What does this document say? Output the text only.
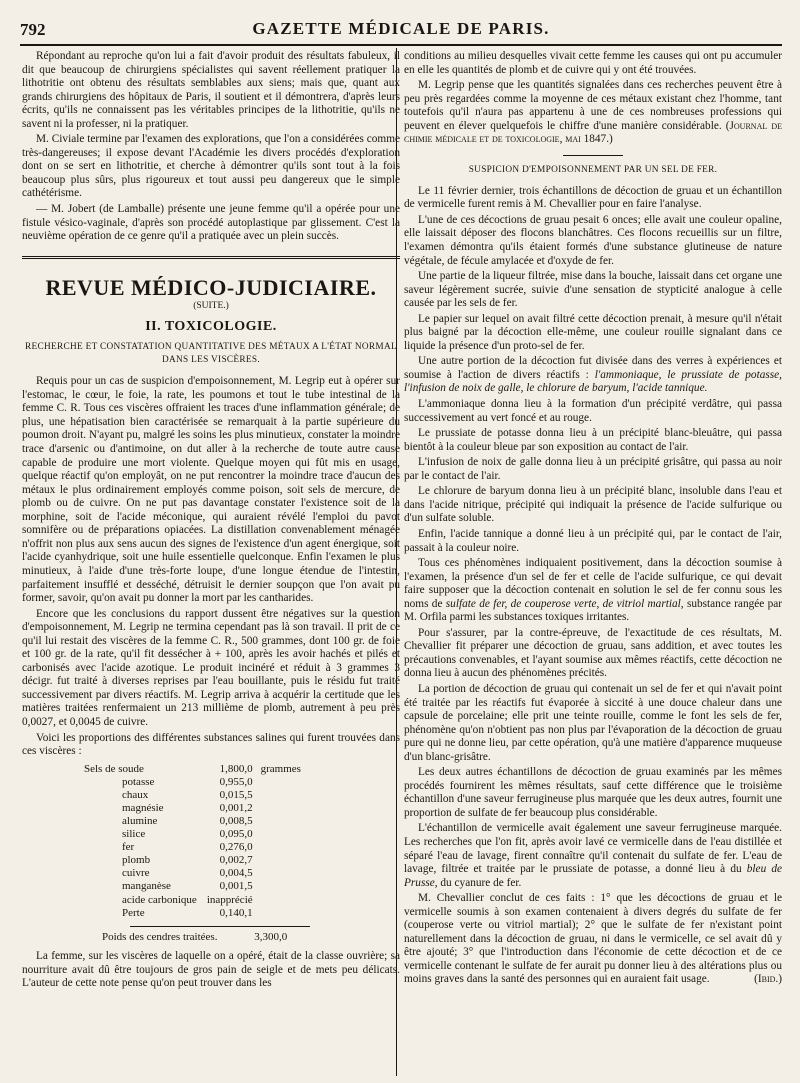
792	GAZETTE MÉDICALE DE PARIS.

Répondant au reproche qu'on lui a fait d'avoir produit des résultats fabuleux, il dit que beaucoup de chirurgiens spécialistes qui savent réellement pratiquer la lithotritie ont obtenu des résultats semblables aux siens; mais que, quant aux grands chirurgiens des hôpitaux de Paris, il soutient et il démontrera, d'après leurs écrits, qu'ils ne connaissent pas les véritables principes de la lithotritie, qu'ils ne savent ni la professer, ni la pratiquer.

M. Civiale termine par l'examen des explorations, que l'on a considérées comme très-dangereuses; il expose devant l'Académie les divers procédés d'exploration dont on se sert en lithotritie, et cherche à démontrer qu'ils sont tout à la fois beaucoup plus sûrs, plus rigoureux et tout aussi peu dangereux que le simple cathétérisme.

— M. Jobert (de Lamballe) présente une jeune femme qu'il a opérée pour une fistule vésico-vaginale, d'après son procédé autoplastique par glissement. C'est la neuvième opération de ce genre qu'il a pratiquée avec un plein succès.

REVUE MÉDICO-JUDICIAIRE.
(SUITE.)
II. TOXICOLOGIE.
RECHERCHE ET CONSTATATION QUANTITATIVE DES MÉTAUX A L'ÉTAT NORMAL DANS LES VISCÈRES.

Requis pour un cas de suspicion d'empoisonnement, M. Legrip eut à opérer sur l'estomac, le cœur, le foie, la rate, les poumons et tout le tube intestinal de la femme C. R. Tous ces viscères offraient les traces d'une inflammation générale; de plus, une hépatisation bien caractérisée se remarquait à la partie supérieure du poumon droit. N'ayant pu, malgré les soins les plus minutieux, constater la moindre trace d'arsenic ou d'antimoine, on dut aller à la recherche de toute autre cause capable de produire une mort violente. Quelque moyen qui fût mis en usage, quelque réactif qu'on employât, on ne put rencontrer la moindre trace d'aucun des métaux le plus ordinairement employés comme poison, soit sels de mercure, de plomb ou de cuivre. On ne put pas davantage constater l'existence soit de la morphine, soit de l'acide méconique, qui auraient révélé l'emploi du pavot somnifère ou de préparations opiacées. La distillation convenablement ménagée n'offrit non plus aux sens aucun des signes de l'existence d'un agent énergique, soit l'acide cyanhydrique, soit une huile essentielle quelconque. Enfin l'examen le plus minutieux, à l'aide d'une très-forte loupe, d'une longue étendue de l'intestin, parfaitement insufflé et desséché, détruisit le dernier soupçon que l'on avait pu former, savoir, qu'on avait pu donner la mort par les cantharides.

Encore que les conclusions du rapport dussent être négatives sur la question d'empoisonnement, M. Legrip ne termina cependant pas là son travail. Il prit de ce qu'il lui restait des viscères de la femme C. R., 500 grammes, dont 100 gr. de foie et 100 gr. de la rate, qu'il fit dessécher à + 100, après les avoir hachés et pilés et carbonisés avec l'acide azotique. Le produit incinéré et réduit à 3 grammes 3 décigr. fut traité à diverses reprises par l'eau bouillante, puis le résidu fut traité successivement par divers réactifs. M. Legrip arriva à acquérir la certitude que les matières traitées renfermaient un 213 millième de plomb, autrement à peu près 0,0027, et 0,0045 de cuivre.

Voici les proportions des différentes substances salines qui furent trouvées dans ces viscères :

Sels de soude	1,800,0	grammes
potasse	0,955,0	
chaux	0,015,5	
magnésie	0,001,2	
alumine	0,008,5	
silice	0,095,0	
fer	0,276,0	
plomb	0,002,7	
cuivre	0,004,5	
manganèse	0,001,5	
acide carbonique	inapprécié	
Perte	0,140,1	
Poids des cendres traitées.	3,300,0

La femme, sur les viscères de laquelle on a opéré, était de la classe ouvrière; sa nourriture avait dû être toujours de gros pain de seigle et de mets peu délicats. L'auteur de cette note pense qu'on peut trouver dans les

conditions au milieu desquelles vivait cette femme les causes qui ont pu accumuler en elle les quantités de plomb et de cuivre qui y ont été trouvées.

M. Legrip pense que les quantités signalées dans ces recherches peuvent être à peu près regardées comme la moyenne de ces métaux existant chez l'homme, tant toutefois qu'il n'aura pas appartenu à une de ces nombreuses professions qui peuvent en élever quelquefois le chiffre d'une manière considérable. (Journal de chimie médicale et de toxicologie, mai 1847.)

SUSPICION D'EMPOISONNEMENT PAR UN SEL DE FER.

Le 11 février dernier, trois échantillons de décoction de gruau et un échantillon de vermicelle furent remis à M. Chevallier pour en faire l'analyse.

L'une de ces décoctions de gruau pesait 6 onces; elle avait une couleur opaline, elle laissait déposer des flocons blanchâtres. Ces flocons recueillis sur un filtre, l'examen démontra qu'ils étaient formés d'une substance glutineuse de nature végétale, de fécule amylacée et d'oxyde de fer.

Une partie de la liqueur filtrée, mise dans la bouche, laissait dans cet organe une saveur légèrement sucrée, suivie d'une sensation de stypticité analogue à celle causée par les sels de fer.

Le papier sur lequel on avait filtré cette décoction prenait, à mesure qu'il n'était plus baigné par la décoction elle-même, une couleur rouille signalant dans ce liquide la présence d'un proto-sel de fer.

Une autre portion de la décoction fut divisée dans des verres à expériences et soumise à l'action de divers réactifs : l'ammoniaque, le prussiate de potasse, l'infusion de noix de galle, le chlorure de baryum, l'acide tannique.

L'ammoniaque donna lieu à la formation d'un précipité verdâtre, qui passa successivement au vert foncé et au rouge.

Le prussiate de potasse donna lieu à un précipité blanc-bleuâtre, qui passa bientôt à la couleur bleue par son exposition au contact de l'air.

L'infusion de noix de galle donna lieu à un précipité grisâtre, qui passa au noir par le contact de l'air.

Le chlorure de baryum donna lieu à un précipité blanc, insoluble dans l'eau et dans l'acide nitrique, précipité qui indiquait la présence de l'acide sulfurique ou d'un sulfate soluble.

Enfin, l'acide tannique a donné lieu à un précipité qui, par le contact de l'air, passait à la couleur noire.

Tous ces phénomènes indiquaient positivement, dans la décoction soumise à l'examen, la présence d'un sel de fer et celle de l'acide sulfurique, ce qui devait faire supposer que la décoction contenait en solution le sel de fer connu sous les noms de sulfate de fer, de couperose verte, de vitriol martial, substance rangée par M. Orfila parmi les substances toxiques irritantes.

Pour s'assurer, par la contre-épreuve, de l'exactitude de ces résultats, M. Chevallier fit préparer une décoction de gruau, sans addition, et avec toutes les précautions convenables, et l'ayant soumise aux mêmes réactifs, cette décoction ne donna lieu à aucun des phénomènes précités.

La portion de décoction de gruau qui contenait un sel de fer et qui n'avait point été traitée par les réactifs fut évaporée à siccité à une douce chaleur dans une capsule de porcelaine; elle prit une teinte rouille, comme le font les sels de fer, phénomène qu'on n'obtient pas non plus par l'évaporation de la décoction de gruau pure qui ne donne lieu, par cette opération, qu'à une matière d'apparence muqueuse d'un blanc-grisâtre.

Les deux autres échantillons de décoction de gruau examinés par les mêmes procédés fournirent les mêmes résultats, sauf cette différence que le troisième échantillon d'une saveur ferrugineuse plus marquée que les deux autres, fournit une proportion de sulfate de fer beaucoup plus considérable.

L'échantillon de vermicelle avait également une saveur ferrugineuse marquée. Les recherches que l'on fit, après avoir lavé ce vermicelle dans de l'eau distillée et séparé l'eau de lavage, firent connaître qu'il contenait du sulfate de fer. L'eau de lavage, filtrée et traitée par le prussiate de potasse, a donné lieu à du bleu de Prusse, du cyanure de fer.

M. Chevallier conclut de ces faits : 1° que les décoctions de gruau et le vermicelle soumis à son examen contenaient à divers degrés du sulfate de fer (couperose verte ou vitriol martial); 2° que le sulfate de fer n'existant point naturellement dans la décoction de gruau, ni dans le vermicelle, ce sel avait dû y être ajouté; 3° que l'introduction dans l'économie de cette décoction et de ce vermicelle contenant le sulfate de fer aurait pu donner lieu à des altérations plus ou moins graves dans la santé des personnes qui en auraient fait usage.	(Ibid.)
